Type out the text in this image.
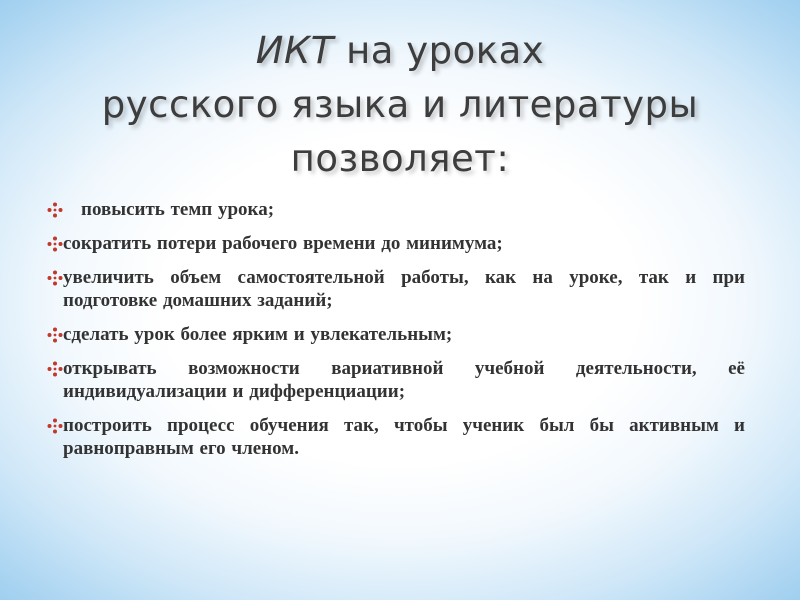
ИКТ на уроках
русского языка и литературы
позволяет:

повысить темп урока;

сократить потери рабочего времени до минимума;

увеличить объем самостоятельной работы, как на уроке, так и при подготовке домашних заданий;

сделать урок более ярким и увлекательным;

открывать возможности вариативной учебной деятельности, её индивидуализации и дифференциации;

построить процесс обучения так, чтобы ученик был бы активным и равноправным его членом.
